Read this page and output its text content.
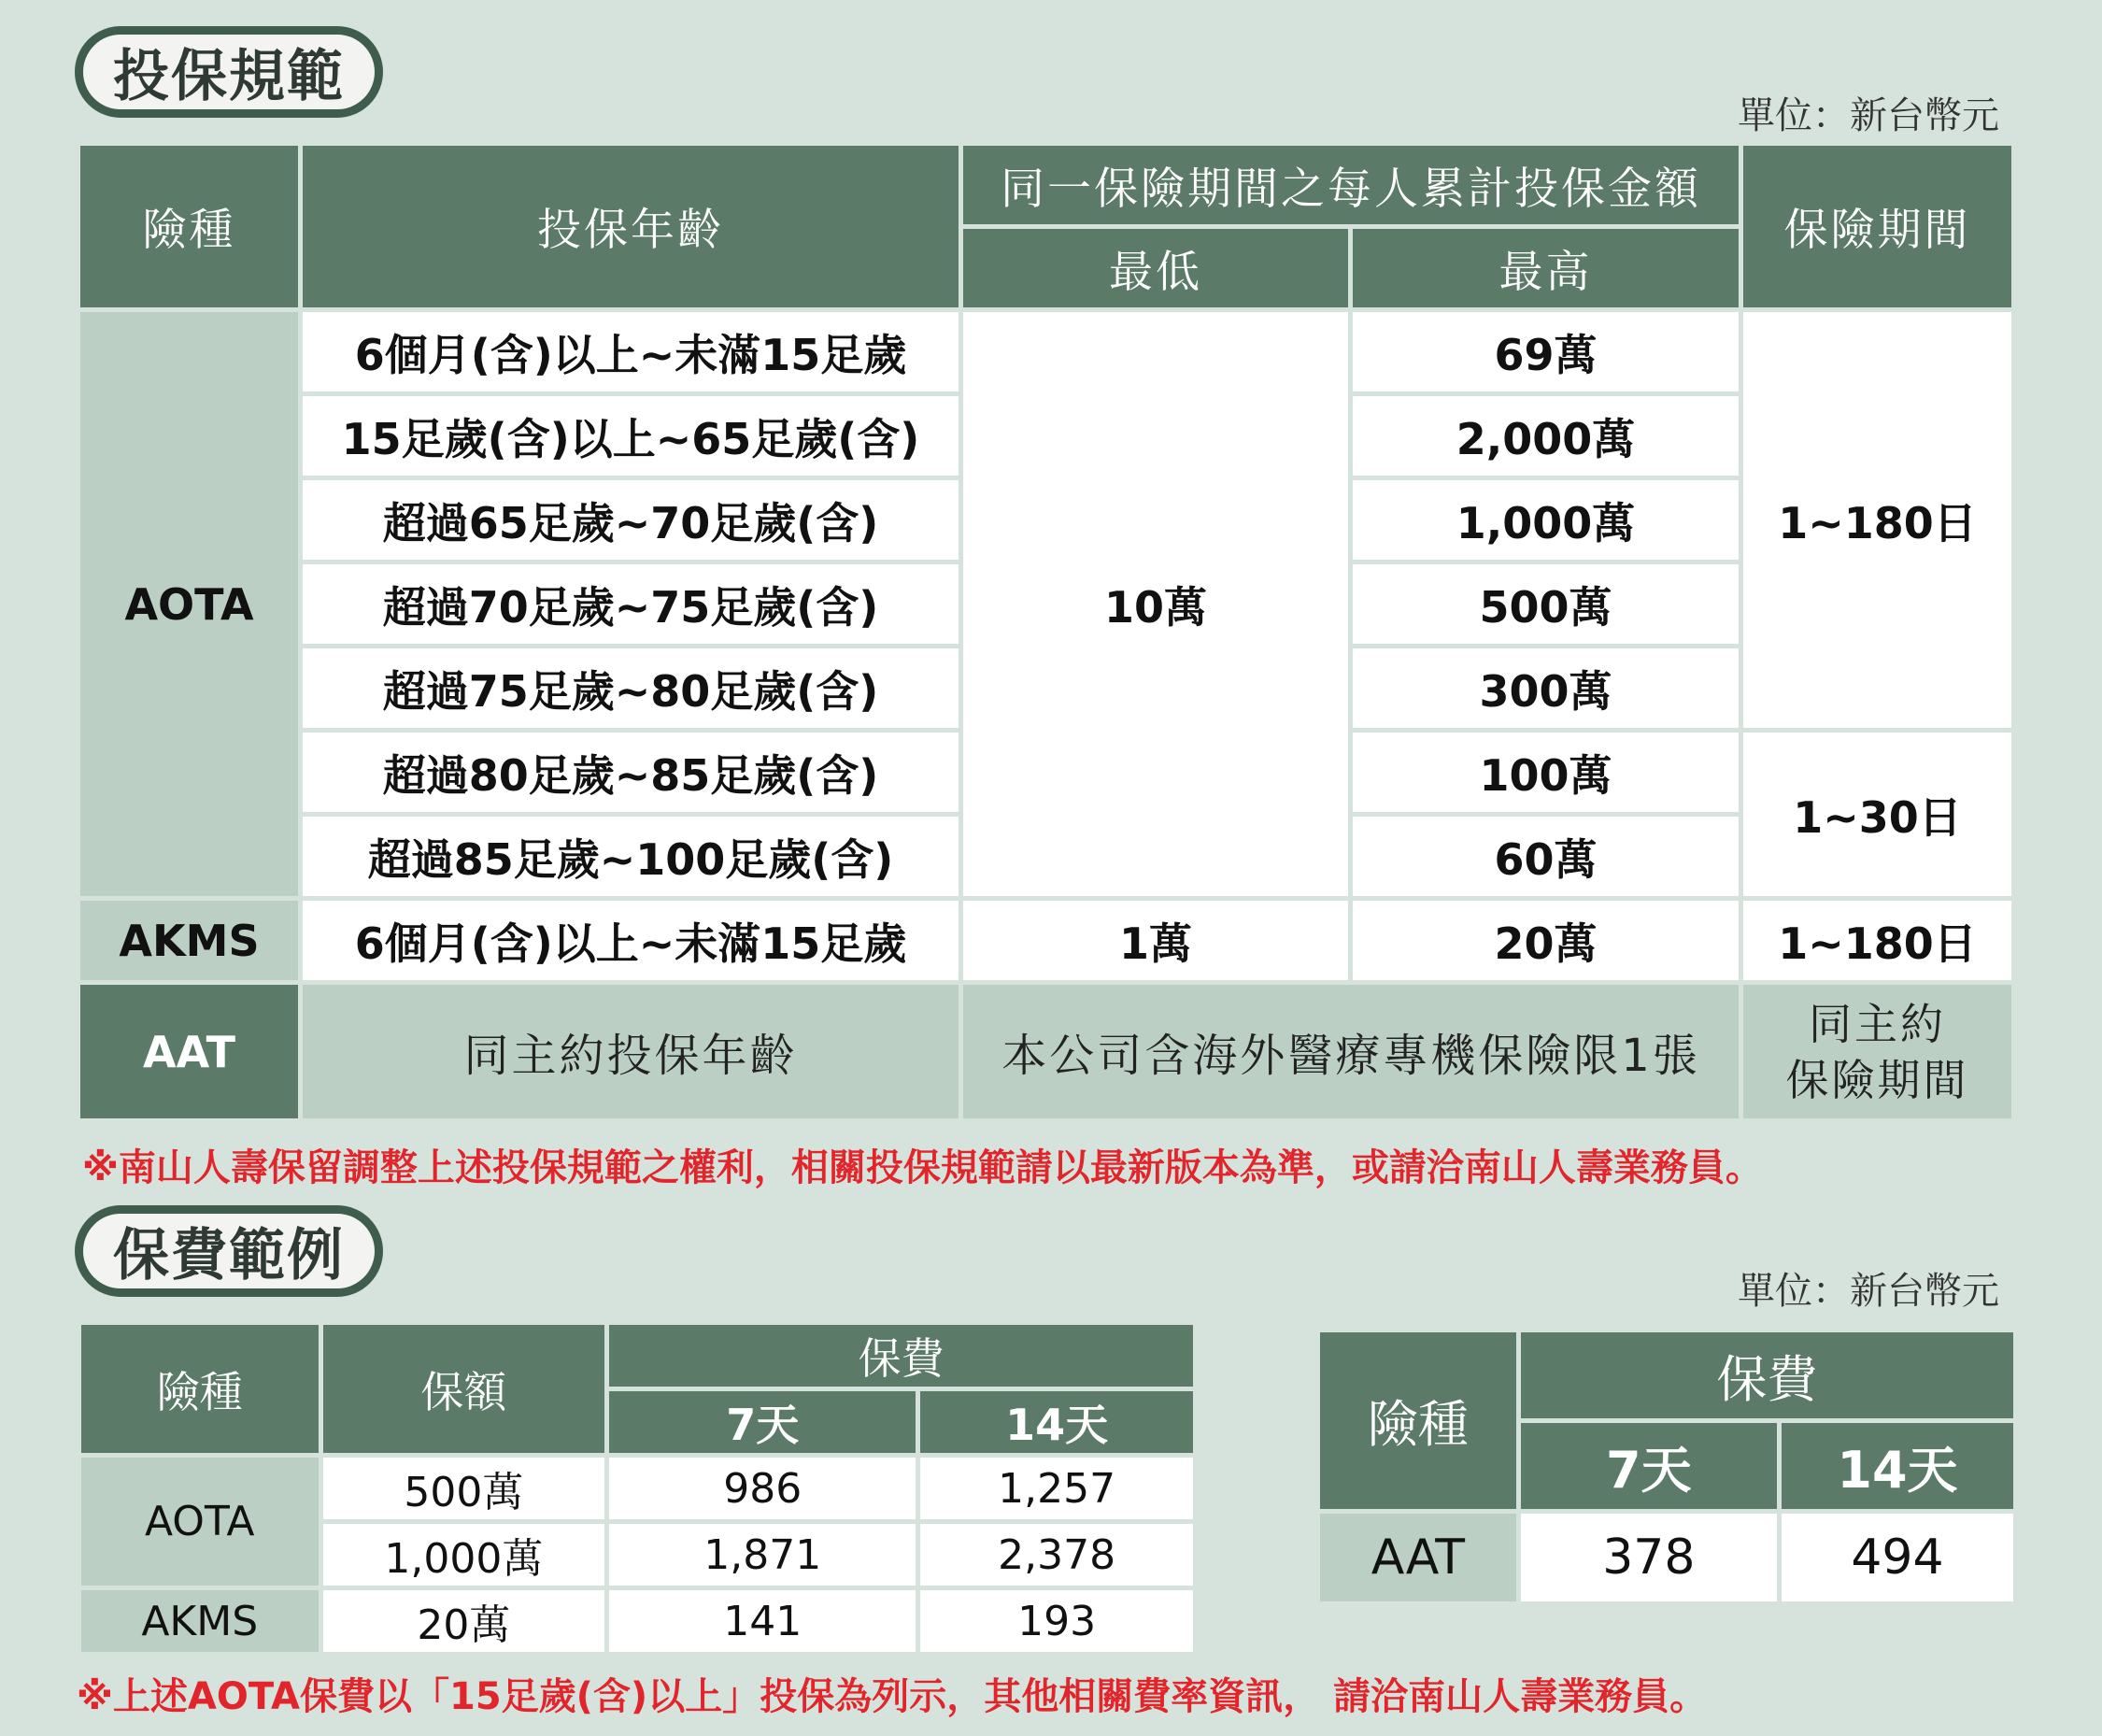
投保規範
單位：新台幣元
險種	投保年齡	同一保險期間之每人累計投保金額		保險期間
		最低	最高	
AOTA	6個月(含)以上~未滿15足歲	10萬	69萬	1~180日
	15足歲(含)以上~65足歲(含)		2,000萬	
	超過65足歲~70足歲(含)		1,000萬	
	超過70足歲~75足歲(含)		500萬	
	超過75足歲~80足歲(含)		300萬	
	超過80足歲~85足歲(含)		100萬	1~30日
	超過85足歲~100足歲(含)		60萬	
AKMS	6個月(含)以上~未滿15足歲	1萬	20萬	1~180日
AAT	同主約投保年齡	本公司含海外醫療專機保險限1張		同主約
保險期間
※南山人壽保留調整上述投保規範之權利，相關投保規範請以最新版本為準，或請洽南山人壽業務員。
保費範例
單位：新台幣元
險種	保額	保費	
		7天	14天
AOTA	500萬	986	1,257
	1,000萬	1,871	2,378
AKMS	20萬	141	193
險種	保費	
	7天	14天
AAT	378	494
※上述AOTA保費以「15足歲(含)以上」投保為列示，其他相關費率資訊， 請洽南山人壽業務員。
